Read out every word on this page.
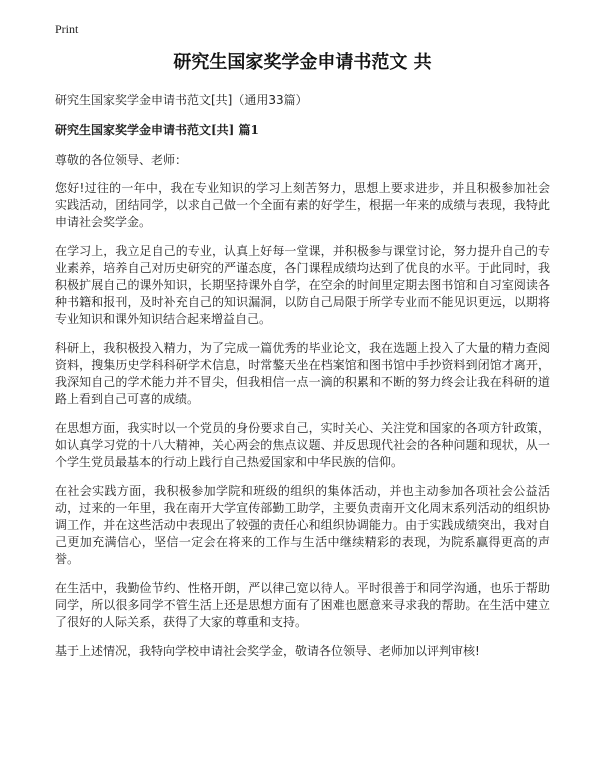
Print
研究生国家奖学金申请书范文 共

研究生国家奖学金申请书范文[共]（通用33篇）

研究生国家奖学金申请书范文[共] 篇1

尊敬的各位领导、老师：

您好!过往的一年中，我在专业知识的学习上刻苦努力，思想上要求进步，并且积极参加社会实践活动，团结同学，以求自己做一个全面有素的好学生，根据一年来的成绩与表现，我特此申请社会奖学金。

在学习上，我立足自己的专业，认真上好每一堂课，并积极参与课堂讨论，努力提升自己的专业素养，培养自己对历史研究的严谨态度，各门课程成绩均达到了优良的水平。于此同时，我积极扩展自己的课外知识，长期坚持课外自学，在空余的时间里定期去图书馆和自习室阅读各种书籍和报刊，及时补充自己的知识漏洞，以防自己局限于所学专业而不能见识更远，以期将专业知识和课外知识结合起来增益自己。

科研上，我积极投入精力，为了完成一篇优秀的毕业论文，我在选题上投入了大量的精力查阅资料，搜集历史学科科研学术信息，时常鏊天坐在档案馆和图书馆中手抄资料到闭馆才离开，我深知自己的学术能力并不冒尖，但我相信一点一滴的积累和不断的努力终会让我在科研的道路上看到自己可喜的成绩。

在思想方面，我实时以一个党员的身份要求自己，实时关心、关注党和国家的各项方针政策，如认真学习党的十八大精神，关心两会的焦点议题、并反思现代社会的各种问题和现状，从一个学生党员最基本的行动上践行自己热爱国家和中华民族的信仰。

在社会实践方面，我积极参加学院和班级的组织的集体活动，并也主动参加各项社会公益活动，过来的一年里，我在南开大学宣传部勤工助学，主要负责南开文化周末系列活动的组织协调工作，并在这些活动中表现出了较强的责任心和组织协调能力。由于实践成绩突出，我对自己更加充满信心，坚信一定会在将来的工作与生活中继续精彩的表现，为院系赢得更高的声誉。

在生活中，我勤俭节约、性格开朗，严以律己宽以待人。平时很善于和同学沟通，也乐于帮助同学，所以很多同学不管生活上还是思想方面有了困难也愿意来寻求我的帮助。在生活中建立了很好的人际关系，获得了大家的尊重和支持。

基于上述情况，我特向学校申请社会奖学金，敬请各位领导、老师加以评判审核!
